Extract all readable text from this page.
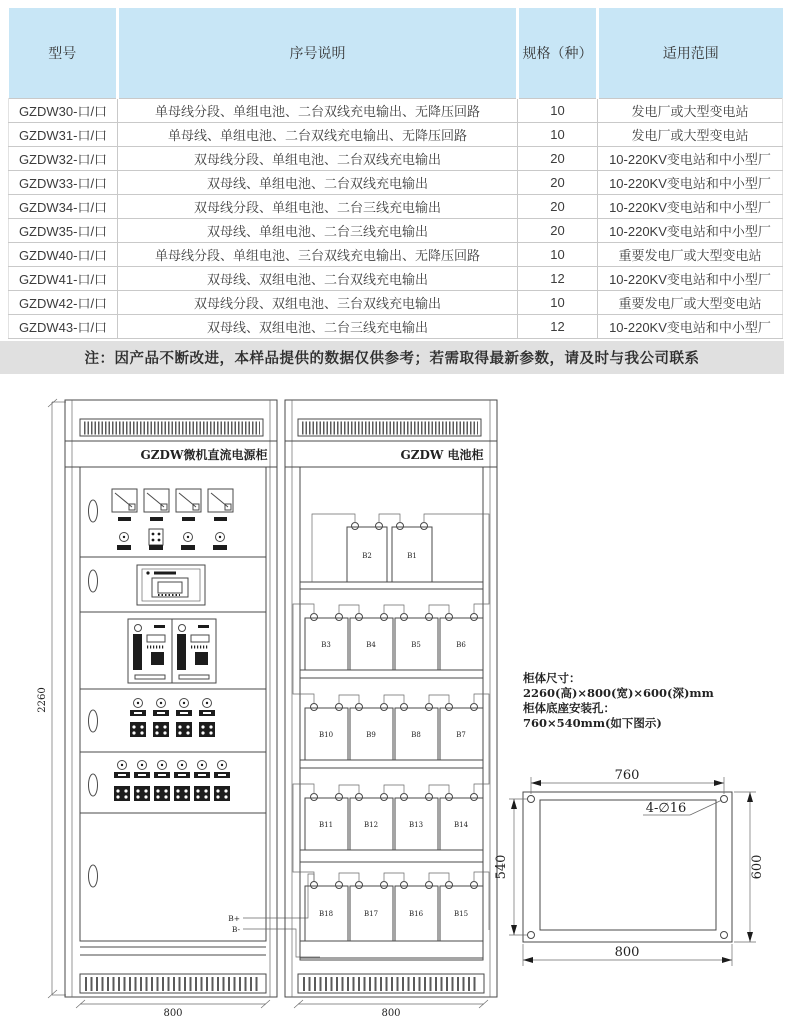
型号	序号说明	规格（种）	适用范围
GZDW30-口/口	单母线分段、单组电池、二台双线充电输出、无降压回路	10	发电厂或大型变电站
GZDW31-口/口	单母线、单组电池、二台双线充电输出、无降压回路	10	发电厂或大型变电站
GZDW32-口/口	双母线分段、单组电池、二台双线充电输出	20	10-220KV变电站和中小型厂
GZDW33-口/口	双母线、单组电池、二台双线充电输出	20	10-220KV变电站和中小型厂
GZDW34-口/口	双母线分段、单组电池、二台三线充电输出	20	10-220KV变电站和中小型厂
GZDW35-口/口	双母线、单组电池、二台三线充电输出	20	10-220KV变电站和中小型厂
GZDW40-口/口	单母线分段、单组电池、三台双线充电输出、无降压回路	10	重要发电厂或大型变电站
GZDW41-口/口	双母线、双组电池、二台双线充电输出	12	10-220KV变电站和中小型厂
GZDW42-口/口	双母线分段、双组电池、三台双线充电输出	10	重要发电厂或大型变电站
GZDW43-口/口	双母线、双组电池、二台三线充电输出	12	10-220KV变电站和中小型厂
注：因产品不断改进，本样品提供的数据仅供参考；若需取得最新参数，请及时与我公司联系
2260
GZDW微机直流电源柜
B+
B-
800
GZDW 电池柜
B2	B1
B3	B4	B5	B6
B10	B9	B8	B7
B11	B12	B13	B14
B18	B17	B16	B15
800
柜体尺寸：
2260(高)×800(宽)×600(深)mm
柜体底座安装孔：
760×540mm(如下图示)
4-∅16
760
800
600
540
